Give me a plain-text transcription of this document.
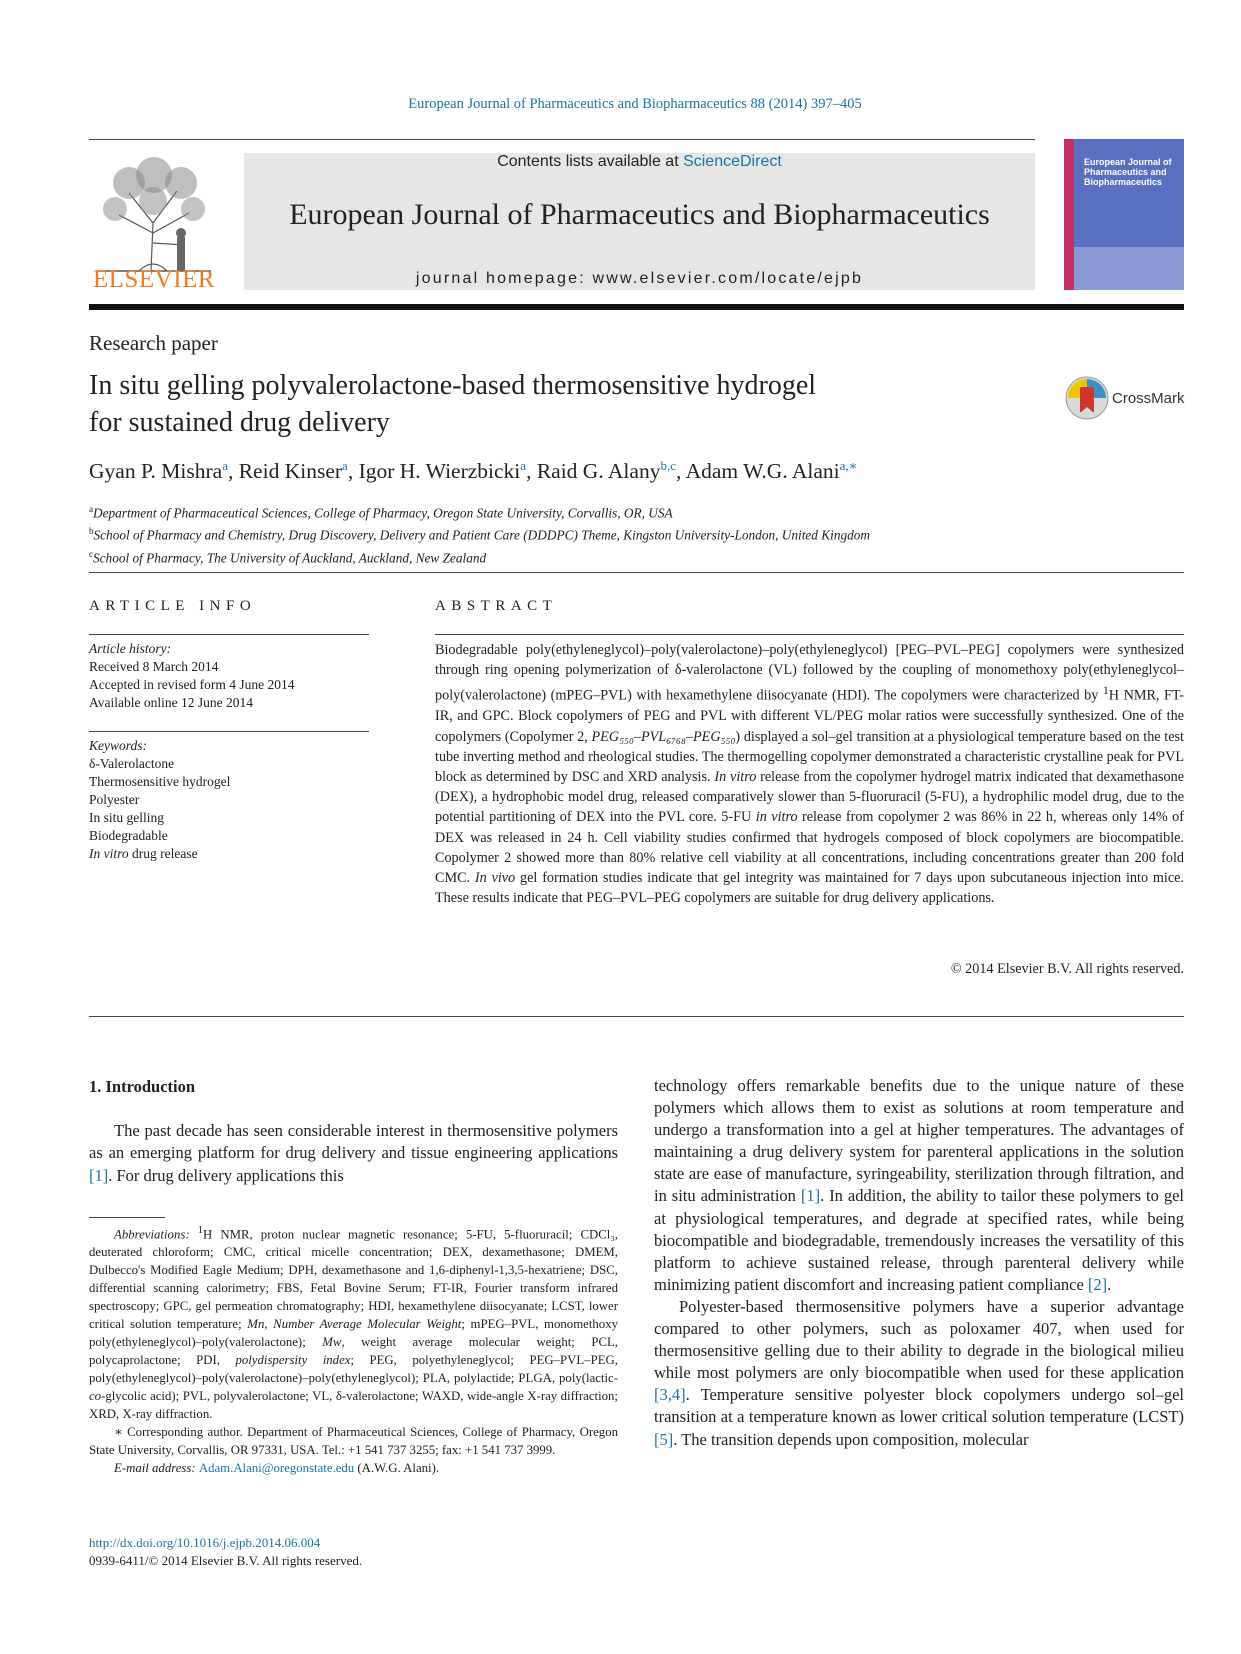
European Journal of Pharmaceutics and Biopharmaceutics 88 (2014) 397–405
ELSEVIER
Contents lists available at ScienceDirect
European Journal of Pharmaceutics and Biopharmaceutics
journal homepage: www.elsevier.com/locate/ejpb
European Journal of Pharmaceutics and Biopharmaceutics
Research paper
In situ gelling polyvalerolactone-based thermosensitive hydrogel
for sustained drug delivery
CrossMark
Gyan P. Mishra$^a$, Reid Kinser$^a$, Igor H. Wierzbicki$^a$, Raid G. Alany$^{b,c}$, Adam W.G. Alani$^{a,∗}$
$^a$Department of Pharmaceutical Sciences, College of Pharmacy, Oregon State University, Corvallis, OR, USA
$^b$School of Pharmacy and Chemistry, Drug Discovery, Delivery and Patient Care (DDDPC) Theme, Kingston University-London, United Kingdom
$^c$School of Pharmacy, The University of Auckland, Auckland, New Zealand
ARTICLE INFO
Article history:
Received 8 March 2014
Accepted in revised form 4 June 2014
Available online 12 June 2014
Keywords:
δ-Valerolactone
Thermosensitive hydrogel
Polyester
In situ gelling
Biodegradable
In vitro drug release
ABSTRACT
Biodegradable poly(ethyleneglycol)–poly(valerolactone)–poly(ethyleneglycol) [PEG–PVL–PEG] copolymers were synthesized through ring opening polymerization of δ-valerolactone (VL) followed by the coupling of monomethoxy poly(ethyleneglycol–poly(valerolactone) (mPEG–PVL) with hexamethylene diisocyanate (HDI). The copolymers were characterized by $^1$H NMR, FT-IR, and GPC. Block copolymers of PEG and PVL with different VL/PEG molar ratios were successfully synthesized. One of the copolymers (Copolymer 2, PEG₅₅₀–PVL₆₇₆₈–PEG₅₅₀) displayed a sol–gel transition at a physiological temperature based on the test tube inverting method and rheological studies. The thermogelling copolymer demonstrated a characteristic crystalline peak for PVL block as determined by DSC and XRD analysis. In vitro release from the copolymer hydrogel matrix indicated that dexamethasone (DEX), a hydrophobic model drug, released comparatively slower than 5-fluoruracil (5-FU), a hydrophilic model drug, due to the potential partitioning of DEX into the PVL core. 5-FU in vitro release from copolymer 2 was 86% in 22 h, whereas only 14% of DEX was released in 24 h. Cell viability studies confirmed that hydrogels composed of block copolymers are biocompatible. Copolymer 2 showed more than 80% relative cell viability at all concentrations, including concentrations greater than 200 fold CMC. In vivo gel formation studies indicate that gel integrity was maintained for 7 days upon subcutaneous injection into mice. These results indicate that PEG–PVL–PEG copolymers are suitable for drug delivery applications.
© 2014 Elsevier B.V. All rights reserved.
1. Introduction
The past decade has seen considerable interest in thermosensitive polymers as an emerging platform for drug delivery and tissue engineering applications [1]. For drug delivery applications this
Abbreviations: $^1$H NMR, proton nuclear magnetic resonance; 5-FU, 5-fluoruracil; CDCl₃, deuterated chloroform; CMC, critical micelle concentration; DEX, dexamethasone; DMEM, Dulbecco's Modified Eagle Medium; DPH, dexamethasone and 1,6-diphenyl-1,3,5-hexatriene; DSC, differential scanning calorimetry; FBS, Fetal Bovine Serum; FT-IR, Fourier transform infrared spectroscopy; GPC, gel permeation chromatography; HDI, hexamethylene diisocyanate; LCST, lower critical solution temperature; Mn, Number Average Molecular Weight; mPEG–PVL, monomethoxy poly(ethyleneglycol)–poly(valerolactone); Mw, weight average molecular weight; PCL, polycaprolactone; PDI, polydispersity index; PEG, polyethyleneglycol; PEG–PVL–PEG, poly(ethyleneglycol)–poly(valerolactone)–poly(ethyleneglycol); PLA, polylactide; PLGA, poly(lactic-co-glycolic acid); PVL, polyvalerolactone; VL, δ-valerolactone; WAXD, wide-angle X-ray diffraction; XRD, X-ray diffraction.
∗ Corresponding author. Department of Pharmaceutical Sciences, College of Pharmacy, Oregon State University, Corvallis, OR 97331, USA. Tel.: +1 541 737 3255; fax: +1 541 737 3999.
E-mail address: Adam.Alani@oregonstate.edu (A.W.G. Alani).
http://dx.doi.org/10.1016/j.ejpb.2014.06.004
0939-6411/© 2014 Elsevier B.V. All rights reserved.

technology offers remarkable benefits due to the unique nature of these polymers which allows them to exist as solutions at room temperature and undergo a transformation into a gel at higher temperatures. The advantages of maintaining a drug delivery system for parenteral applications in the solution state are ease of manufacture, syringeability, sterilization through filtration, and in situ administration [1]. In addition, the ability to tailor these polymers to gel at physiological temperatures, and degrade at specified rates, while being biocompatible and biodegradable, tremendously increases the versatility of this platform to achieve sustained release, through parenteral delivery while minimizing patient discomfort and increasing patient compliance [2].

Polyester-based thermosensitive polymers have a superior advantage compared to other polymers, such as poloxamer 407, when used for thermosensitive gelling due to their ability to degrade in the biological milieu while most polymers are only biocompatible when used for these application [3,4]. Temperature sensitive polyester block copolymers undergo sol–gel transition at a temperature known as lower critical solution temperature (LCST) [5]. The transition depends upon composition, molecular
